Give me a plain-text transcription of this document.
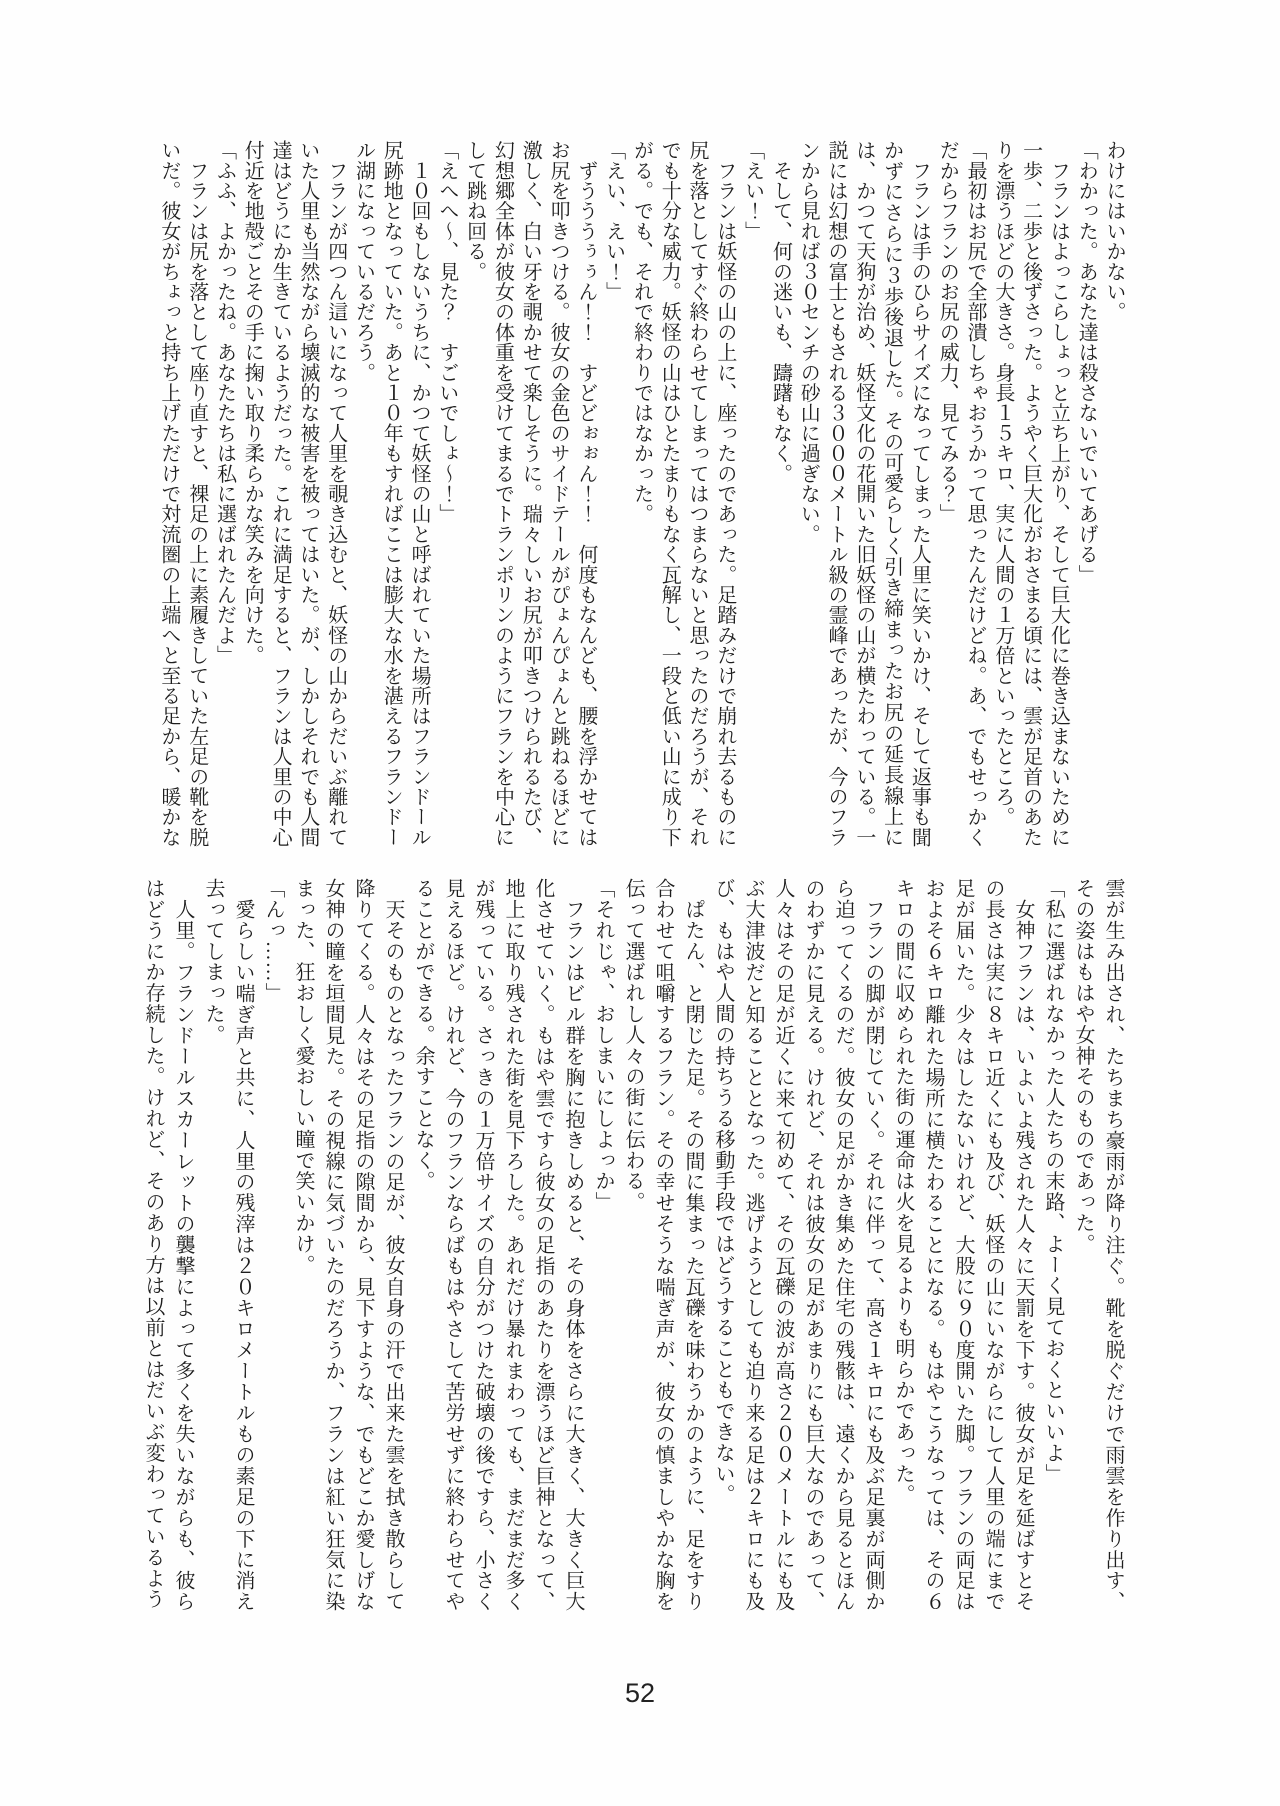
わけにはいかない。

「わかった。あなた達は殺さないでいてあげる」

　フランはよっこらしょっと立ち上がり、そして巨大化に巻き込まないために一歩、二歩と後ずさった。ようやく巨大化がおさまる頃には、雲が足首のあたりを漂うほどの大きさ。身長１５キロ、実に人間の１万倍といったところ。

「最初はお尻で全部潰しちゃおうかって思ったんだけどね。あ、でもせっかくだからフランのお尻の威力、見てみる？」

　フランは手のひらサイズになってしまった人里に笑いかけ、そして返事も聞かずにさらに３歩後退した。その可愛らしく引き締まったお尻の延長線上には、かつて天狗が治め、妖怪文化の花開いた旧妖怪の山が横たわっている。一説には幻想の富士ともされる３０００メートル級の霊峰であったが、今のフランから見れば３０センチの砂山に過ぎない。

　そして、何の迷いも、躊躇もなく。

「えい！」

　フランは妖怪の山の上に、座ったのであった。足踏みだけで崩れ去るものに尻を落としてすぐ終わらせてしまってはつまらないと思ったのだろうが、それでも十分な威力。妖怪の山はひとたまりもなく瓦解し、一段と低い山に成り下がる。でも、それで終わりではなかった。

「えい、えい！」

　ずうううぅぅん！！　すどどぉぉん！！　何度もなんども、腰を浮かせてはお尻を叩きつける。彼女の金色のサイドテールがぴょんぴょんと跳ねるほどに激しく、白い牙を覗かせて楽しそうに。瑞々しいお尻が叩きつけられるたび、幻想郷全体が彼女の体重を受けてまるでトランポリンのようにフランを中心にして跳ね回る。

「えへへ～、見た？　すごいでしょ～！」

　１０回もしないうちに、かつて妖怪の山と呼ばれていた場所はフランドール尻跡地となっていた。あと１０年もすればここは膨大な水を湛えるフランドール湖になっているだろう。

　フランが四つん這いになって人里を覗き込むと、妖怪の山からだいぶ離れていた人里も当然ながら壊滅的な被害を被ってはいた。が、しかしそれでも人間達はどうにか生きているようだった。これに満足すると、フランは人里の中心付近を地殻ごとその手に掬い取り柔らかな笑みを向けた。

「ふふ、よかったね。あなたたちは私に選ばれたんだよ」

　フランは尻を落として座り直すと、裸足の上に素履きしていた左足の靴を脱いだ。彼女がちょっと持ち上げただけで対流圏の上端へと至る足から、暖かな

雲が生み出され、たちまち豪雨が降り注ぐ。靴を脱ぐだけで雨雲を作り出す、その姿はもはや女神そのものであった。

「私に選ばれなかった人たちの末路、よーく見ておくといいよ」

　女神フランは、いよいよ残された人々に天罰を下す。彼女が足を延ばすとその長さは実に８キロ近くにも及び、妖怪の山にいながらにして人里の端にまで足が届いた。少々はしたないけれど、大股に９０度開いた脚。フランの両足はおよそ６キロ離れた場所に横たわることになる。もはやこうなっては、その６キロの間に収められた街の運命は火を見るよりも明らかであった。

　フランの脚が閉じていく。それに伴って、高さ１キロにも及ぶ足裏が両側から迫ってくるのだ。彼女の足がかき集めた住宅の残骸は、遠くから見るとほんのわずかに見える。けれど、それは彼女の足があまりにも巨大なのであって、人々はその足が近くに来て初めて、その瓦礫の波が高さ２００メートルにも及ぶ大津波だと知ることとなった。逃げようとしても迫り来る足は２キロにも及び、もはや人間の持ちうる移動手段ではどうすることもできない。

　ぱたん、と閉じた足。その間に集まった瓦礫を味わうかのように、足をすり合わせて咀嚼するフラン。その幸せそうな喘ぎ声が、彼女の慎ましやかな胸を伝って選ばれし人々の街に伝わる。

「それじゃ、おしまいにしよっか」

　フランはビル群を胸に抱きしめると、その身体をさらに大きく、大きく巨大化させていく。もはや雲ですら彼女の足指のあたりを漂うほど巨神となって、地上に取り残された街を見下ろした。あれだけ暴れまわっても、まだまだ多くが残っている。さっきの１万倍サイズの自分がつけた破壊の後ですら、小さく見えるほど。けれど、今のフランならばもはやさして苦労せずに終わらせてやることができる。余すことなく。

　天そのものとなったフランの足が、彼女自身の汗で出来た雲を拭き散らして降りてくる。人々はその足指の隙間から、見下すような、でもどこか愛しげな女神の瞳を垣間見た。その視線に気づいたのだろうか、フランは紅い狂気に染まった、狂おしく愛おしい瞳で笑いかけ。

「んっ……」

　愛らしい喘ぎ声と共に、人里の残滓は２０キロメートルもの素足の下に消え去ってしまった。

　人里。フランドールスカーレットの襲撃によって多くを失いながらも、彼らはどうにか存続した。けれど、そのあり方は以前とはだいぶ変わっているよう

52
